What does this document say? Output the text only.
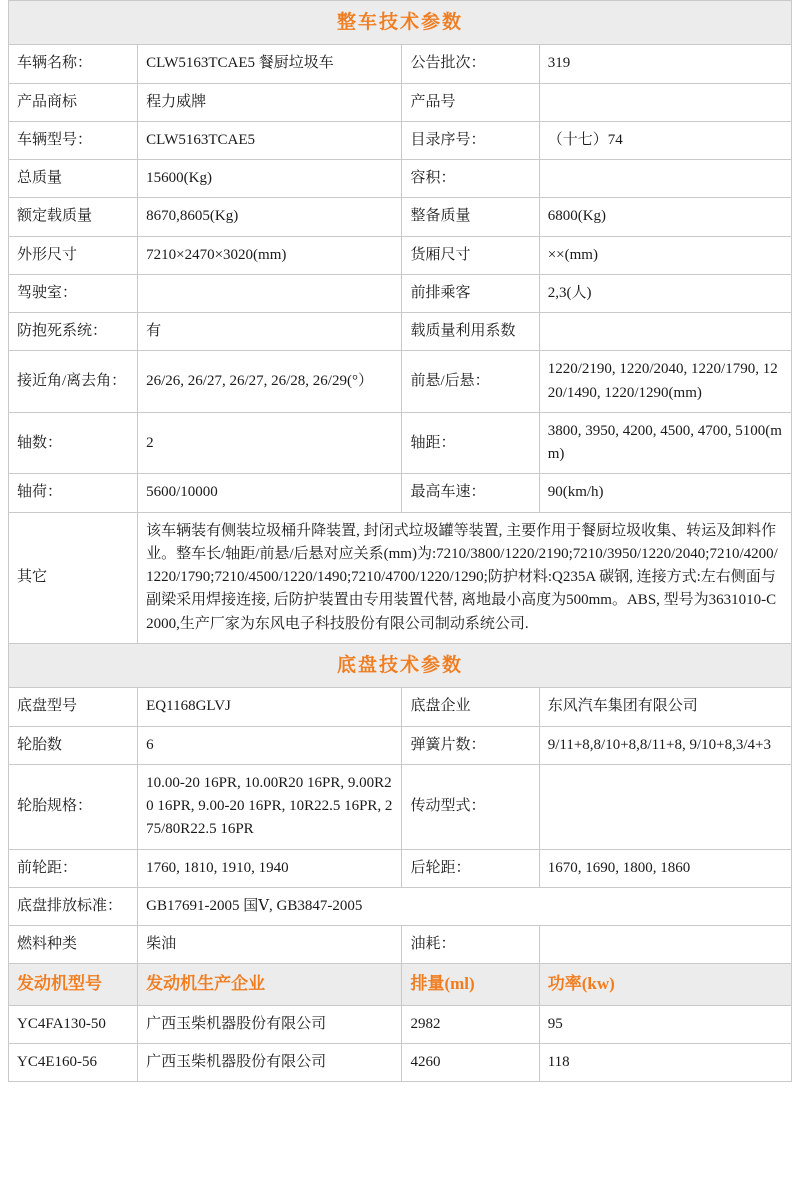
整车技术参数			
车辆名称：	CLW5163TCAE5 餐厨垃圾车	公告批次：	319
产品商标	程力威牌	产品号	
车辆型号：	CLW5163TCAE5	目录序号：	（十七）74
总质量	15600(Kg)	容积：	
额定载质量	8670,8605(Kg)	整备质量	6800(Kg)
外形尺寸	7210×2470×3020(mm)	货厢尺寸	××(mm)
驾驶室：		前排乘客	2,3(人)
防抱死系统：	有	载质量利用系数	
接近角/离去角：	26/26, 26/27, 26/27, 26/28, 26/29(°）	前悬/后悬：	1220/2190, 1220/2040, 1220/1790, 1220/1490, 1220/1290(mm)
轴数：	2	轴距：	3800, 3950, 4200, 4500, 4700, 5100(mm)
轴荷：	5600/10000	最高车速：	90(km/h)
其它	该车辆装有侧装垃圾桶升降装置, 封闭式垃圾罐等装置, 主要作用于餐厨垃圾收集、转运及卸料作业。整车长/轴距/前悬/后悬对应关系(mm)为:7210/3800/1220/2190;7210/3950/1220/2040;7210/4200/1220/1790;7210/4500/1220/1490;7210/4700/1220/1290;防护材料:Q235A 碳钢, 连接方式:左右侧面与副梁采用焊接连接, 后防护装置由专用装置代替, 离地最小高度为500mm。ABS, 型号为3631010-C2000,生产厂家为东风电子科技股份有限公司制动系统公司.		
底盘技术参数			
底盘型号	EQ1168GLVJ	底盘企业	东风汽车集团有限公司
轮胎数	6	弹簧片数：	9/11+8,8/10+8,8/11+8, 9/10+8,3/4+3
轮胎规格：	10.00-20 16PR, 10.00R20 16PR, 9.00R20 16PR, 9.00-20 16PR, 10R22.5 16PR, 275/80R22.5 16PR	传动型式：	
前轮距：	1760, 1810, 1910, 1940	后轮距：	1670, 1690, 1800, 1860
底盘排放标准：	GB17691-2005 国Ⅴ, GB3847-2005		
燃料种类	柴油	油耗：	
发动机型号	发动机生产企业	排量(ml)	功率(kw)
YC4FA130-50	广西玉柴机器股份有限公司	2982	95
YC4E160-56	广西玉柴机器股份有限公司	4260	118
